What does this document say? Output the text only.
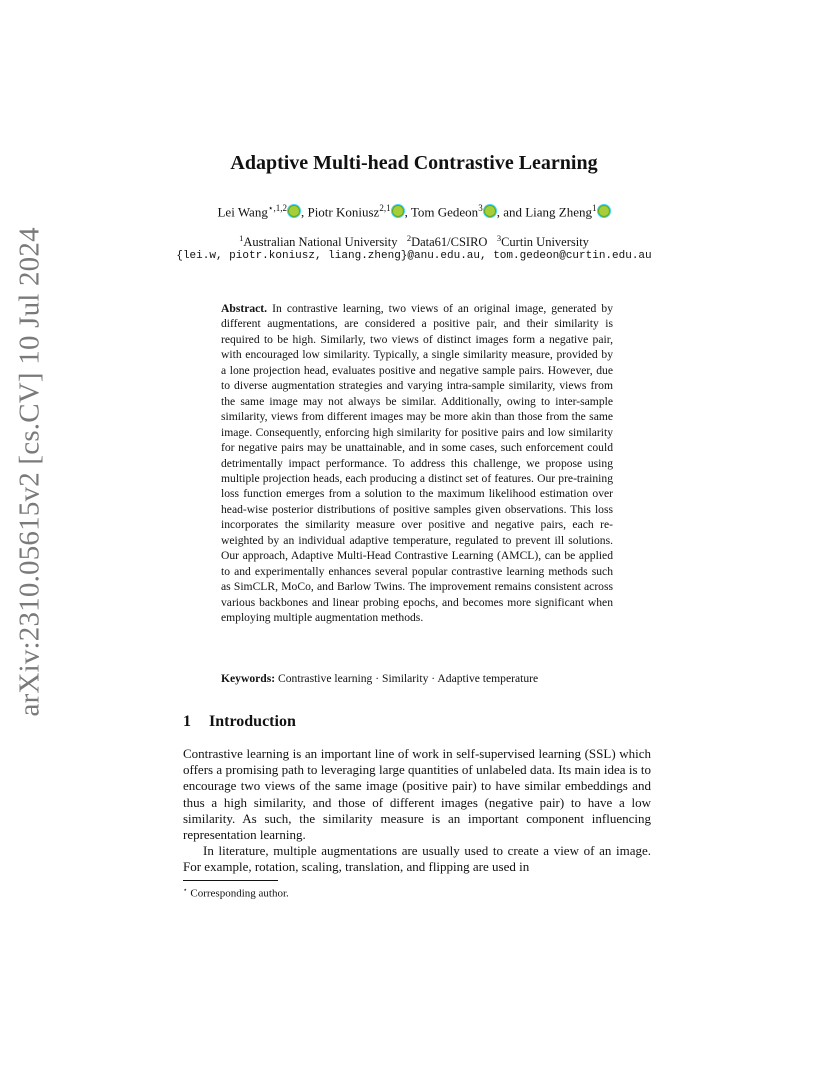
arXiv:2310.05615v2 [cs.CV] 10 Jul 2024
Adaptive Multi-head Contrastive Learning
Lei Wang$^{⋆,1,2}$ , Piotr Koniusz$^{2,1}$ , Tom Gedeon$^3$ , and Liang Zheng$^1$
$^1$Australian National University $^2$Data61/CSIRO $^3$Curtin University
{lei.w, piotr.koniusz, liang.zheng}@anu.edu.au, tom.gedeon@curtin.edu.au
Abstract. In contrastive learning, two views of an original image, generated by different augmentations, are considered a positive pair, and their similarity is required to be high. Similarly, two views of distinct images form a negative pair, with encouraged low similarity. Typically, a single similarity measure, provided by a lone projection head, evaluates positive and negative sample pairs. However, due to diverse augmentation strategies and varying intra-sample similarity, views from the same image may not always be similar. Additionally, owing to inter-sample similarity, views from different images may be more akin than those from the same image. Consequently, enforcing high similarity for positive pairs and low similarity for negative pairs may be unattainable, and in some cases, such enforcement could detrimentally impact performance. To address this challenge, we propose using multiple projection heads, each producing a distinct set of features. Our pre-training loss function emerges from a solution to the maximum likelihood estimation over head-wise posterior distributions of positive samples given observations. This loss incorporates the similarity measure over positive and negative pairs, each re-weighted by an individual adaptive temperature, regulated to prevent ill solutions. Our approach, Adaptive Multi-Head Contrastive Learning (AMCL), can be applied to and experimentally enhances several popular contrastive learning methods such as SimCLR, MoCo, and Barlow Twins. The improvement remains consistent across various backbones and linear probing epochs, and becomes more significant when employing multiple augmentation methods.
Keywords: Contrastive learning · Similarity · Adaptive temperature
1 Introduction

Contrastive learning is an important line of work in self-supervised learning (SSL) which offers a promising path to leveraging large quantities of unlabeled data. Its main idea is to encourage two views of the same image (positive pair) to have similar embeddings and thus a high similarity, and those of different images (negative pair) to have a low similarity. As such, the similarity measure is an important component influencing representation learning.

In literature, multiple augmentations are usually used to create a view of an image. For example, rotation, scaling, translation, and flipping are used in

⋆ Corresponding author.
